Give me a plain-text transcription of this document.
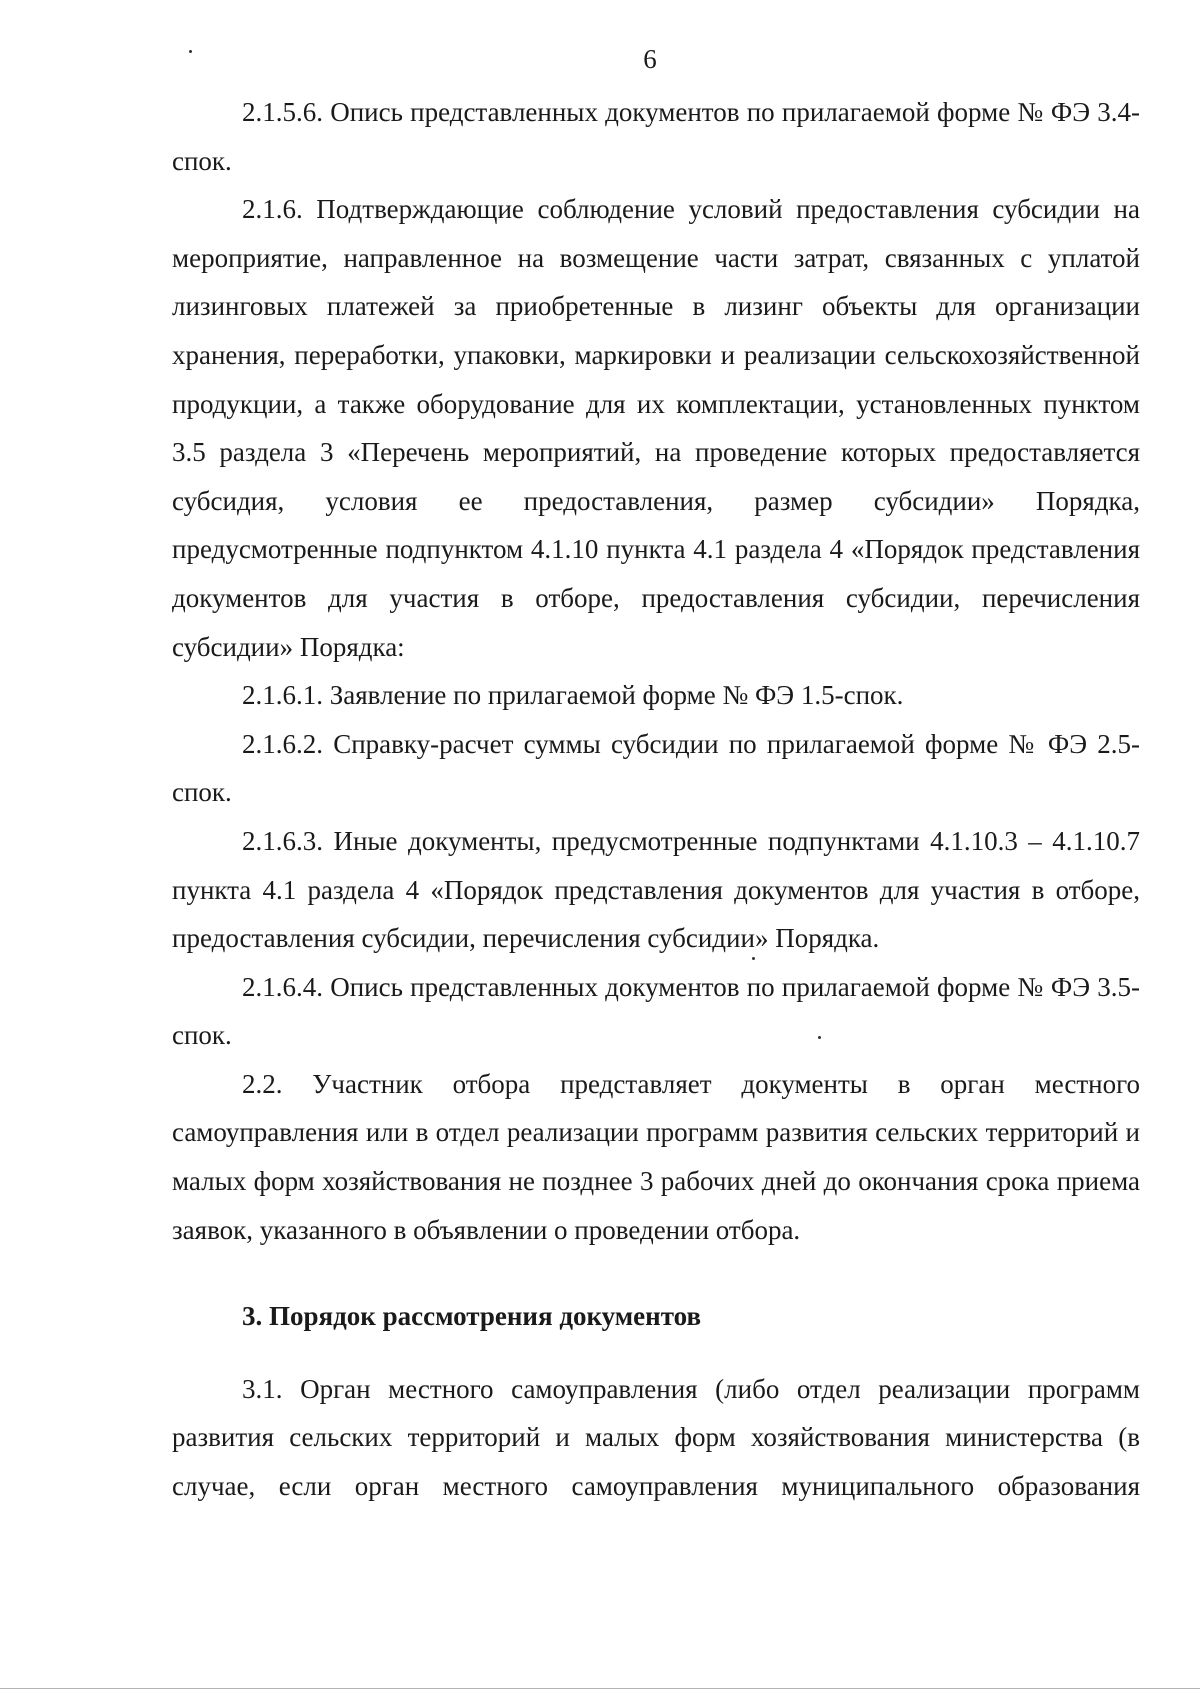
6

2.1.5.6. Опись представленных документов по прилагаемой форме № ФЭ 3.4-спок.

2.1.6. Подтверждающие соблюдение условий предоставления субсидии на мероприятие, направленное на возмещение части затрат, связанных с уплатой лизинговых платежей за приобретенные в лизинг объекты для организации хранения, переработки, упаковки, маркировки и реализации сельскохозяйственной продукции, а также оборудование для их комплектации, установленных пунктом 3.5 раздела 3 «Перечень мероприятий, на проведение которых предоставляется субсидия, условия ее предоставления, размер субсидии» Порядка, предусмотренные подпунктом 4.1.10 пункта 4.1 раздела 4 «Порядок представления документов для участия в отборе, предоставления субсидии, перечисления субсидии» Порядка:

2.1.6.1. Заявление по прилагаемой форме № ФЭ 1.5-спок.

2.1.6.2. Справку-расчет суммы субсидии по прилагаемой форме № ФЭ 2.5-спок.

2.1.6.3. Иные документы, предусмотренные подпунктами 4.1.10.3 – 4.1.10.7 пункта 4.1 раздела 4 «Порядок представления документов для участия в отборе, предоставления субсидии, перечисления субсидии» Порядка.

2.1.6.4. Опись представленных документов по прилагаемой форме № ФЭ 3.5-спок.

2.2. Участник отбора представляет документы в орган местного самоуправления или в отдел реализации программ развития сельских территорий и малых форм хозяйствования не позднее 3 рабочих дней до окончания срока приема заявок, указанного в объявлении о проведении отбора.

3. Порядок рассмотрения документов

3.1. Орган местного самоуправления (либо отдел реализации программ развития сельских территорий и малых форм хозяйствования министерства (в случае, если орган местного самоуправления муниципального образования
